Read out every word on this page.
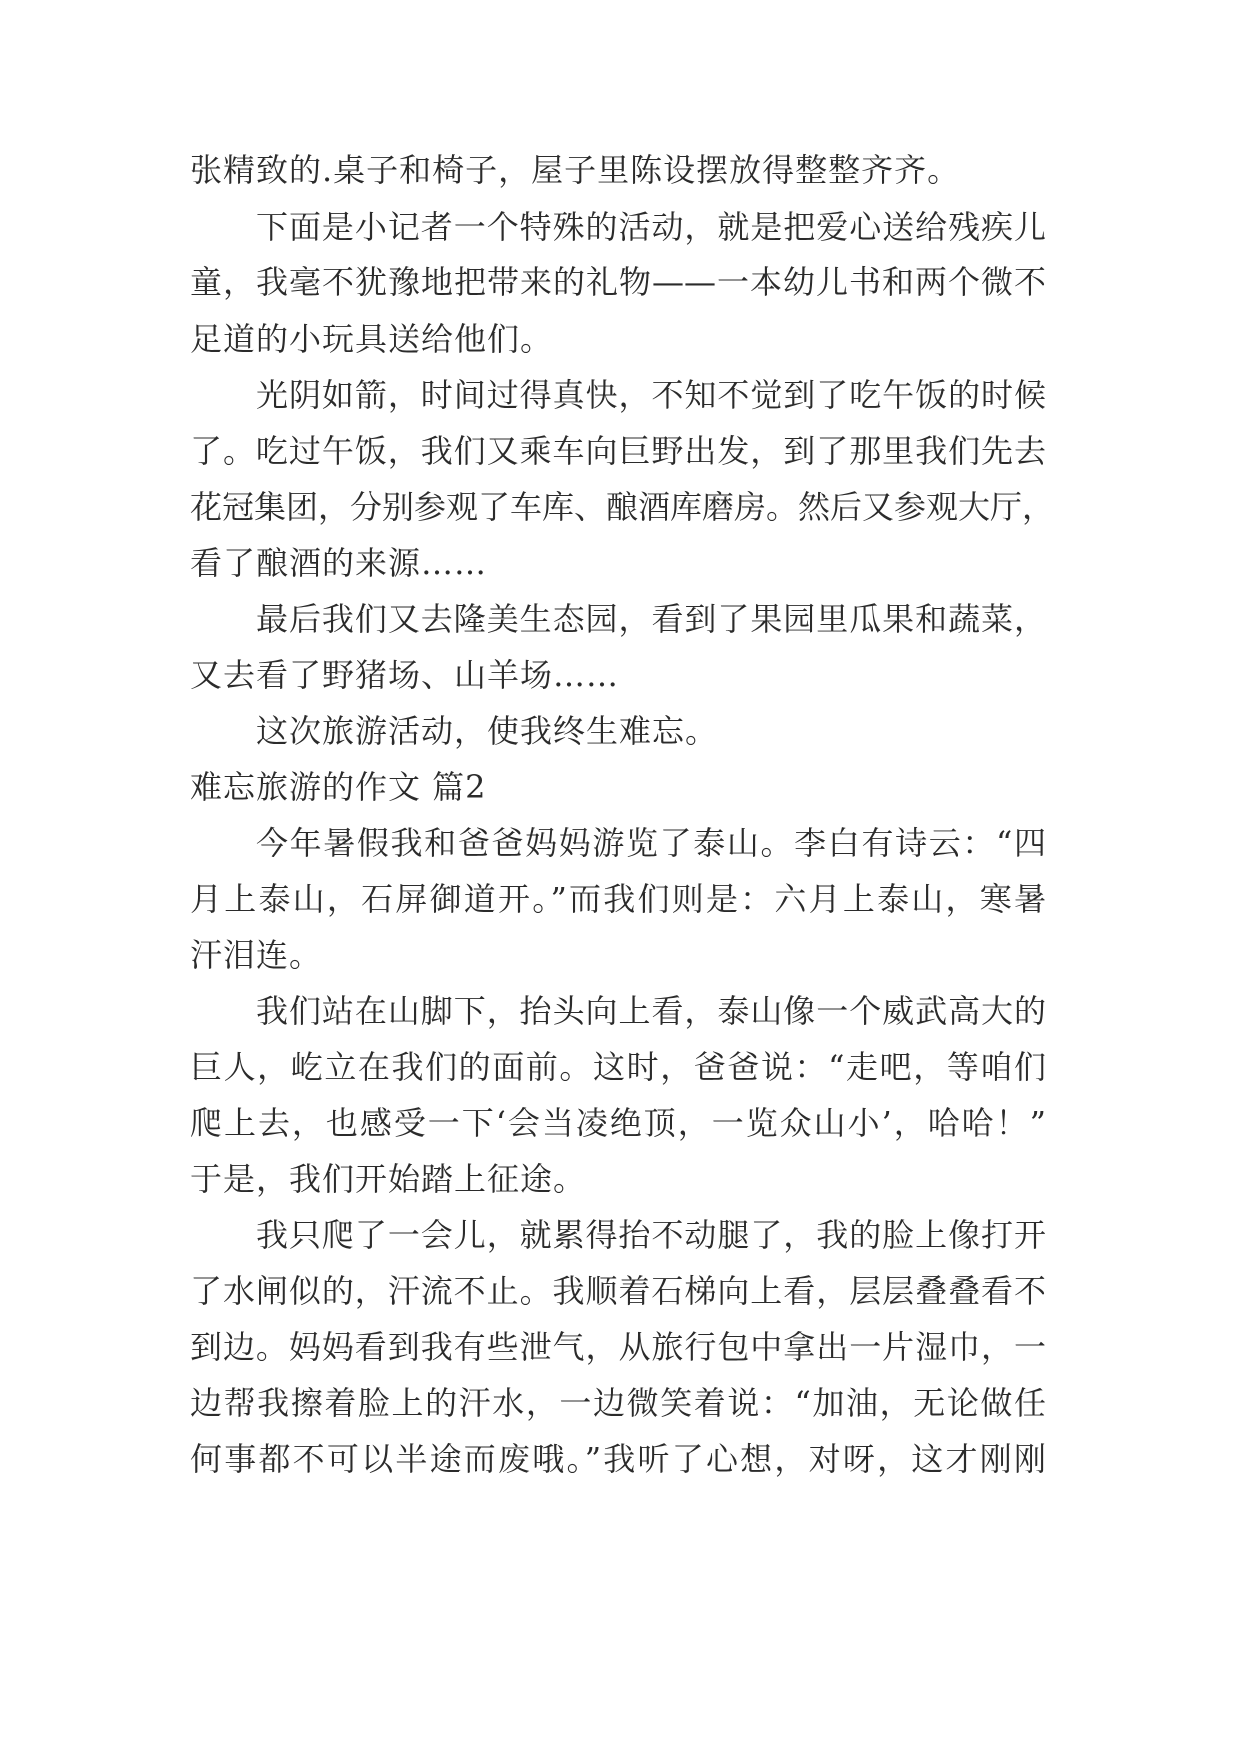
张精致的.桌子和椅子，屋子里陈设摆放得整整齐齐。

下面是小记者一个特殊的活动，就是把爱心送给残疾儿

童，我毫不犹豫地把带来的礼物——一本幼儿书和两个微不

足道的小玩具送给他们。

光阴如箭，时间过得真快，不知不觉到了吃午饭的时候

了。吃过午饭，我们又乘车向巨野出发，到了那里我们先去

花冠集团，分别参观了车库、酿酒库磨房。然后又参观大厅，

看了酿酒的来源……

最后我们又去隆美生态园，看到了果园里瓜果和蔬菜，

又去看了野猪场、山羊场……

这次旅游活动，使我终生难忘。

难忘旅游的作文 篇2

今年暑假我和爸爸妈妈游览了泰山。李白有诗云：“四

月上泰山，石屏御道开。”而我们则是：六月上泰山，寒暑

汗泪连。

我们站在山脚下，抬头向上看，泰山像一个威武高大的

巨人，屹立在我们的面前。这时，爸爸说：“走吧，等咱们

爬上去，也感受一下‘会当凌绝顶，一览众山小’，哈哈！”

于是，我们开始踏上征途。

我只爬了一会儿，就累得抬不动腿了，我的脸上像打开

了水闸似的，汗流不止。我顺着石梯向上看，层层叠叠看不

到边。妈妈看到我有些泄气，从旅行包中拿出一片湿巾，一

边帮我擦着脸上的汗水，一边微笑着说：“加油，无论做任

何事都不可以半途而废哦。”我听了心想，对呀，这才刚刚
